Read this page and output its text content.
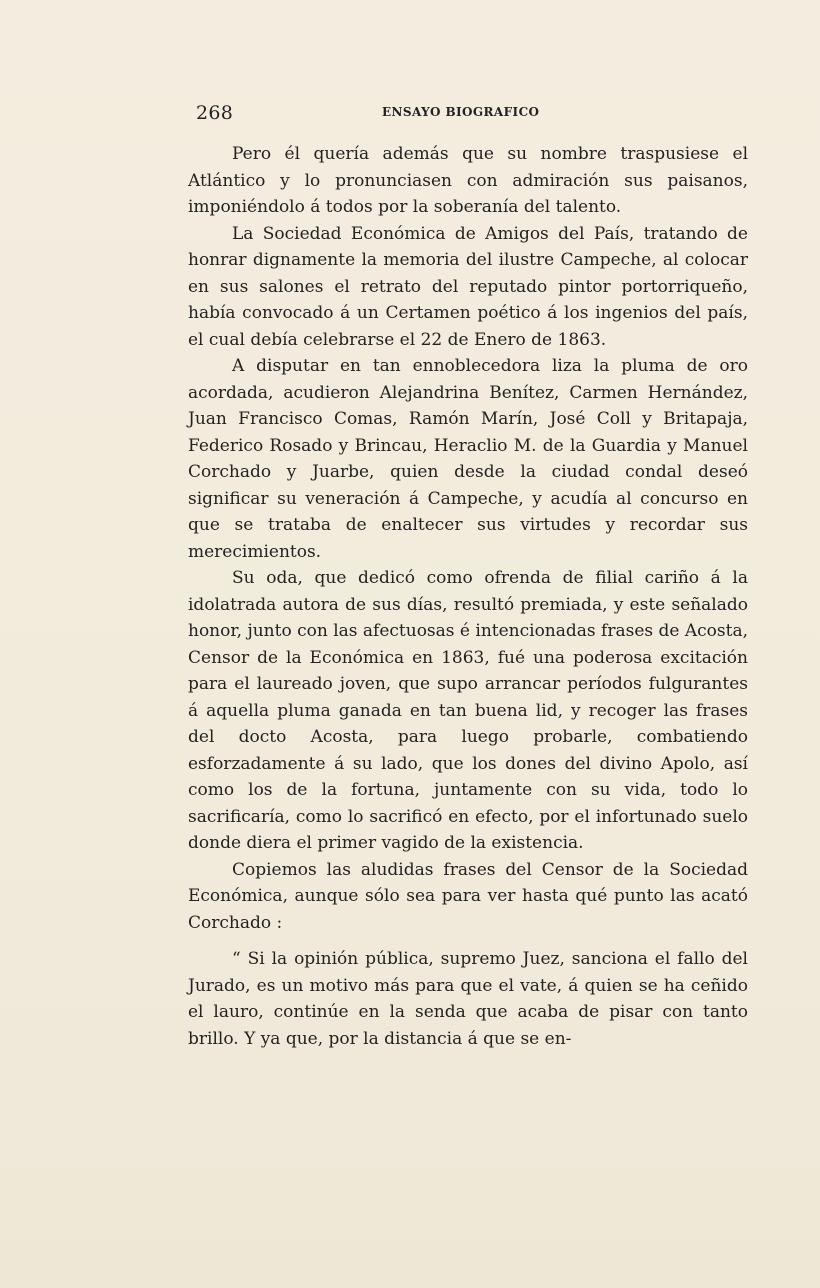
268	ENSAYO BIOGRAFICO

Pero él quería además que su nombre traspusiese el Atlántico y lo pronunciasen con admiración sus paisanos, imponiéndolo á todos por la soberanía del talento.

La Sociedad Económica de Amigos del País, tratando de honrar dignamente la memoria del ilustre Campeche, al colocar en sus salones el retrato del reputado pintor portorriqueño, había convocado á un Certamen poético á los ingenios del país, el cual debía celebrarse el 22 de Enero de 1863.

A disputar en tan ennoblecedora liza la pluma de oro acordada, acudieron Alejandrina Benítez, Carmen Hernández, Juan Francisco Comas, Ramón Marín, José Coll y Britapaja, Federico Rosado y Brincau, Heraclio M. de la Guardia y Manuel Corchado y Juarbe, quien desde la ciudad condal deseó significar su veneración á Campeche, y acudía al concurso en que se trataba de enaltecer sus virtudes y recordar sus merecimientos.

Su oda, que dedicó como ofrenda de filial cariño á la idolatrada autora de sus días, resultó premiada, y este señalado honor, junto con las afectuosas é intencionadas frases de Acosta, Censor de la Económica en 1863, fué una poderosa excitación para el laureado joven, que supo arrancar períodos fulgurantes á aquella pluma ganada en tan buena lid, y recoger las frases del docto Acosta, para luego probarle, combatiendo esforzadamente á su lado, que los dones del divino Apolo, así como los de la fortuna, juntamente con su vida, todo lo sacrificaría, como lo sacrificó en efecto, por el infortunado suelo donde diera el primer vagido de la existencia.

Copiemos las aludidas frases del Censor de la Sociedad Económica, aunque sólo sea para ver hasta qué punto las acató Corchado :

“ Si la opinión pública, supremo Juez, sanciona el fallo del Jurado, es un motivo más para que el vate, á quien se ha ceñido el lauro, continúe en la senda que acaba de pisar con tanto brillo. Y ya que, por la distancia á que se en-
